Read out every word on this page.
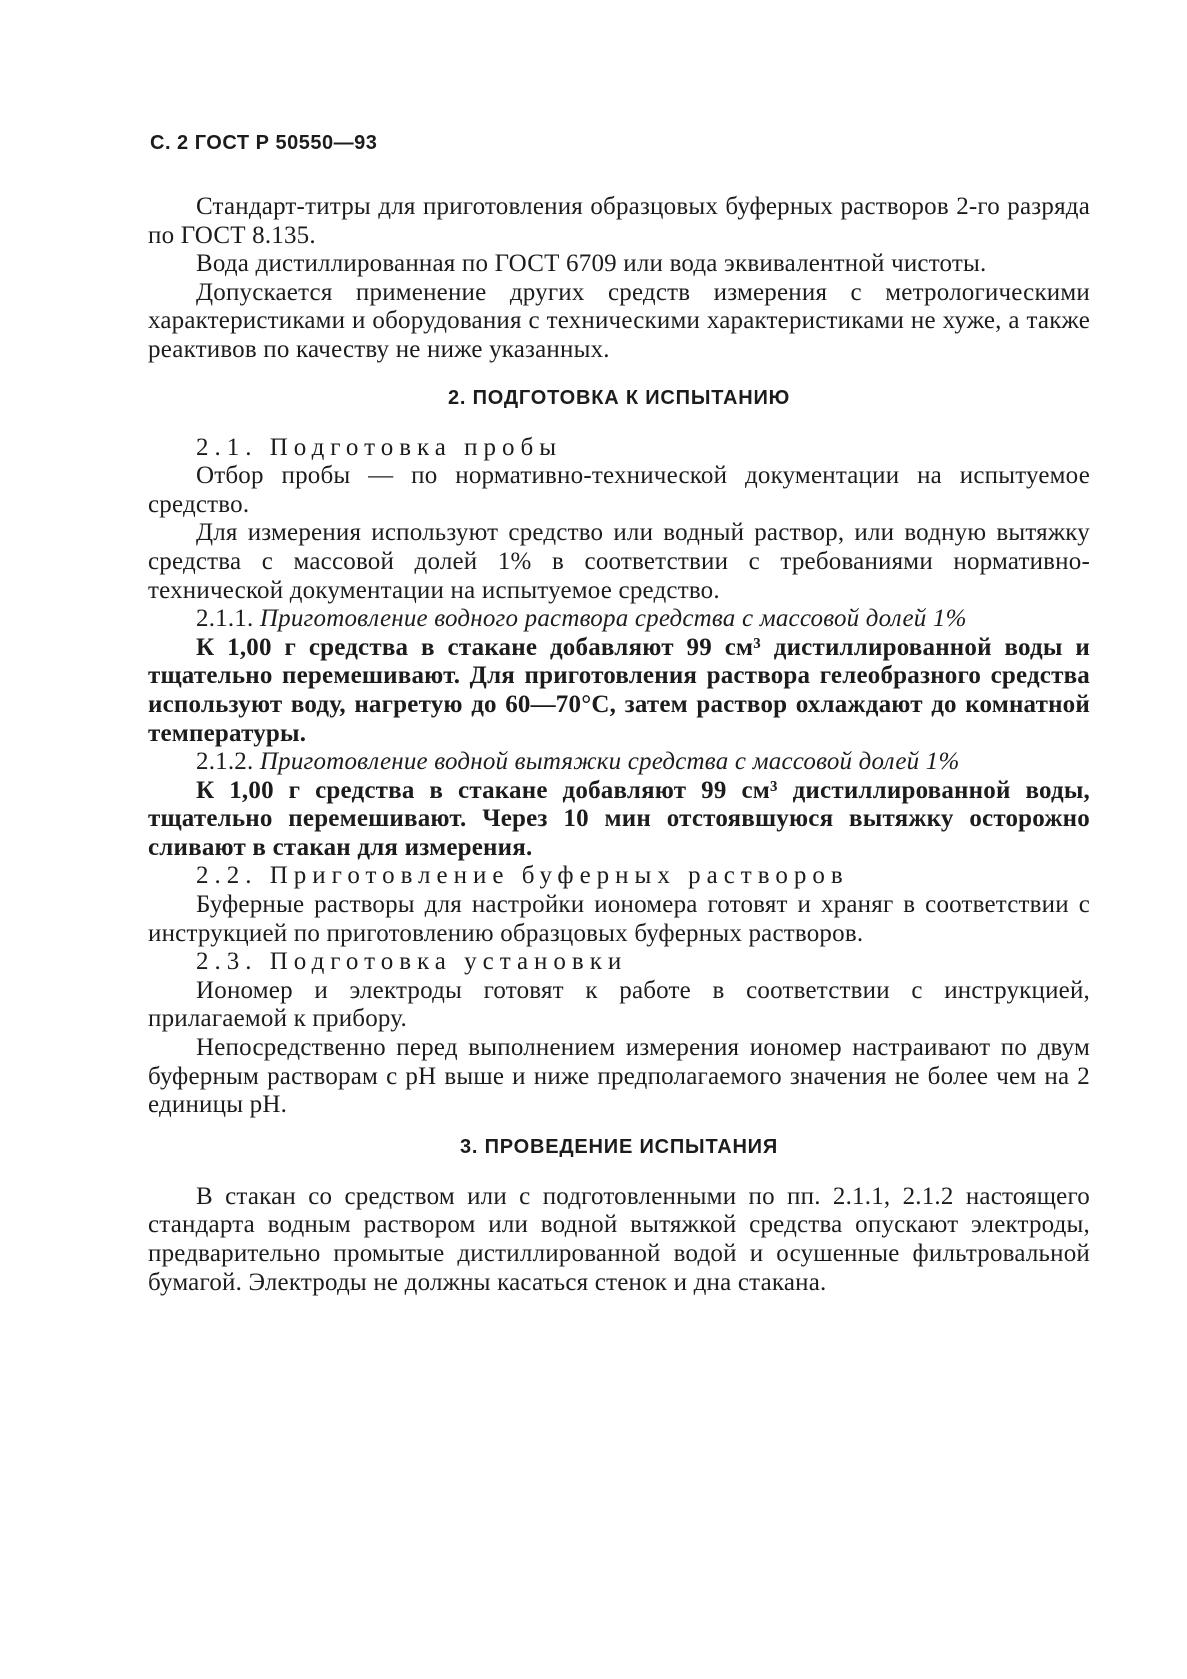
С. 2 ГОСТ Р 50550—93

Стандарт-титры для приготовления образцовых буферных растворов 2-го разряда по ГОСТ 8.135.

Вода дистиллированная по ГОСТ 6709 или вода эквивалентной чистоты.

Допускается применение других средств измерения с метрологическими характеристиками и оборудования с техническими характеристиками не хуже, а также реактивов по качеству не ниже указанных.

2. ПОДГОТОВКА К ИСПЫТАНИЮ
2.1. Подготовка пробы

Отбор пробы — по нормативно-технической документации на испытуемое средство.

Для измерения используют средство или водный раствор, или водную вытяжку средства с массовой долей 1% в соответствии с требованиями нормативно-технической документации на испытуемое средство.

2.1.1. Приготовление водного раствора средства с массовой долей 1%

К 1,00 г средства в стакане добавляют 99 см³ дистиллированной воды и тщательно перемешивают. Для приготовления раствора гелеобразного средства используют воду, нагретую до 60—70°С, затем раствор охлаждают до комнатной температуры.

2.1.2. Приготовление водной вытяжки средства с массовой долей 1%

К 1,00 г средства в стакане добавляют 99 см³ дистиллированной воды, тщательно перемешивают. Через 10 мин отстоявшуюся вытяжку осторожно сливают в стакан для измерения.

2.2. Приготовление буферных растворов

Буферные растворы для настройки иономера готовят и храняг в соответствии с инструкцией по приготовлению образцовых буферных растворов.

2.3. Подготовка установки

Иономер и электроды готовят к работе в соответствии с инструкцией, прилагаемой к прибору.

Непосредственно перед выполнением измерения иономер настраивают по двум буферным растворам с pH выше и ниже предполагаемого значения не более чем на 2 единицы pH.

3. ПРОВЕДЕНИЕ ИСПЫТАНИЯ

В стакан со средством или с подготовленными по пп. 2.1.1, 2.1.2 настоящего стандарта водным раствором или водной вытяжкой средства опускают электроды, предварительно промытые дистиллированной водой и осушенные фильтровальной бумагой. Электроды не должны касаться стенок и дна стакана.
